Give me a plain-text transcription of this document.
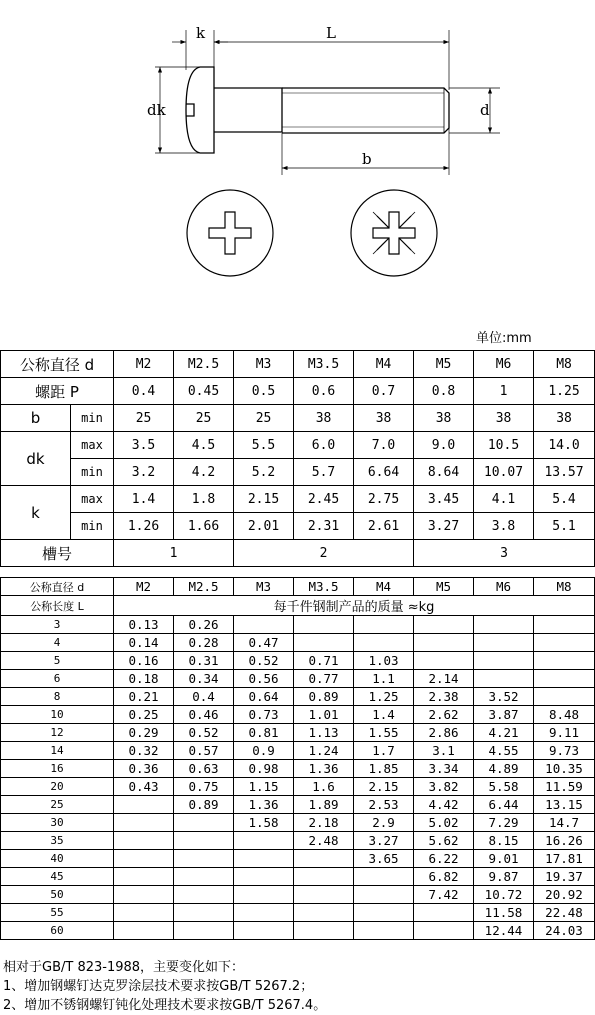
k	L
dk	d
b
单位:mm
公称直径 d		M2	M2.5	M3	M3.5	M4	M5	M6	M8
螺距 P		0.4	0.45	0.5	0.6	0.7	0.8	1	1.25
b	min	25	25	25	38	38	38	38	38
dk	max	3.5	4.5	5.5	6.0	7.0	9.0	10.5	14.0
	min	3.2	4.2	5.2	5.7	6.64	8.64	10.07	13.57
k	max	1.4	1.8	2.15	2.45	2.75	3.45	4.1	5.4
	min	1.26	1.66	2.01	2.31	2.61	3.27	3.8	5.1
槽号		1		2			3		
公称直径 d	M2	M2.5	M3	M3.5	M4	M5	M6	M8
公称长度 L	每千件钢制产品的质量 ≈kg							
3	0.13	0.26						
4	0.14	0.28	0.47					
5	0.16	0.31	0.52	0.71	1.03			
6	0.18	0.34	0.56	0.77	1.1	2.14		
8	0.21	0.4	0.64	0.89	1.25	2.38	3.52	
10	0.25	0.46	0.73	1.01	1.4	2.62	3.87	8.48
12	0.29	0.52	0.81	1.13	1.55	2.86	4.21	9.11
14	0.32	0.57	0.9	1.24	1.7	3.1	4.55	9.73
16	0.36	0.63	0.98	1.36	1.85	3.34	4.89	10.35
20	0.43	0.75	1.15	1.6	2.15	3.82	5.58	11.59
25		0.89	1.36	1.89	2.53	4.42	6.44	13.15
30			1.58	2.18	2.9	5.02	7.29	14.7
35				2.48	3.27	5.62	8.15	16.26
40					3.65	6.22	9.01	17.81
45						6.82	9.87	19.37
50						7.42	10.72	20.92
55							11.58	22.48
60							12.44	24.03
相对于GB/T 823-1988，主要变化如下：
1、增加钢螺钉达克罗涂层技术要求按GB/T 5267.2；
2、增加不锈钢螺钉钝化处理技术要求按GB/T 5267.4。
